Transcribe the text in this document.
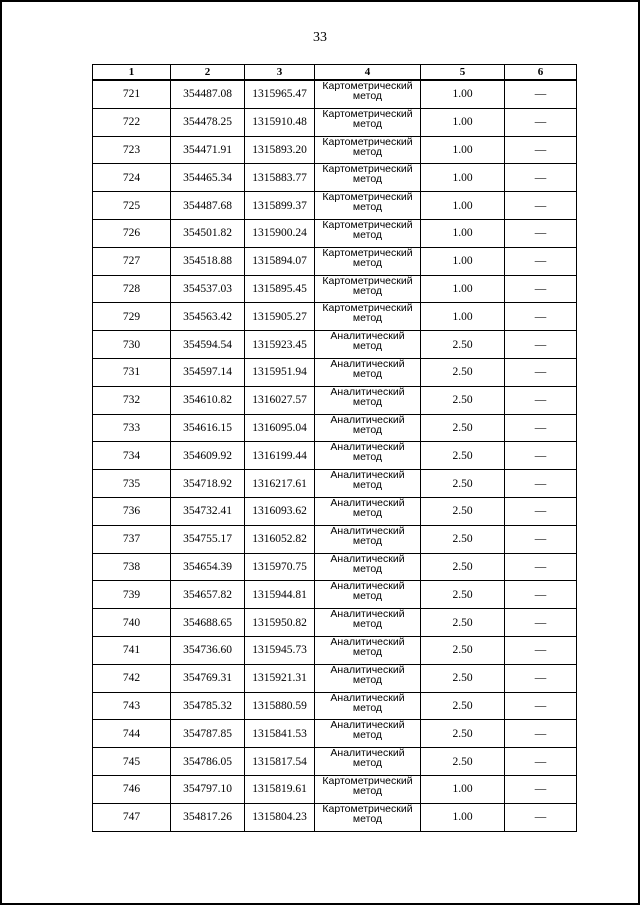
33
1	2	3	4	5	6
721	354487.08	1315965.47	Картометрический метод	1.00	—
722	354478.25	1315910.48	Картометрический метод	1.00	—
723	354471.91	1315893.20	Картометрический метод	1.00	—
724	354465.34	1315883.77	Картометрический метод	1.00	—
725	354487.68	1315899.37	Картометрический метод	1.00	—
726	354501.82	1315900.24	Картометрический метод	1.00	—
727	354518.88	1315894.07	Картометрический метод	1.00	—
728	354537.03	1315895.45	Картометрический метод	1.00	—
729	354563.42	1315905.27	Картометрический метод	1.00	—
730	354594.54	1315923.45	Аналитический метод	2.50	—
731	354597.14	1315951.94	Аналитический метод	2.50	—
732	354610.82	1316027.57	Аналитический метод	2.50	—
733	354616.15	1316095.04	Аналитический метод	2.50	—
734	354609.92	1316199.44	Аналитический метод	2.50	—
735	354718.92	1316217.61	Аналитический метод	2.50	—
736	354732.41	1316093.62	Аналитический метод	2.50	—
737	354755.17	1316052.82	Аналитический метод	2.50	—
738	354654.39	1315970.75	Аналитический метод	2.50	—
739	354657.82	1315944.81	Аналитический метод	2.50	—
740	354688.65	1315950.82	Аналитический метод	2.50	—
741	354736.60	1315945.73	Аналитический метод	2.50	—
742	354769.31	1315921.31	Аналитический метод	2.50	—
743	354785.32	1315880.59	Аналитический метод	2.50	—
744	354787.85	1315841.53	Аналитический метод	2.50	—
745	354786.05	1315817.54	Аналитический метод	2.50	—
746	354797.10	1315819.61	Картометрический метод	1.00	—
747	354817.26	1315804.23	Картометрический метод	1.00	—
